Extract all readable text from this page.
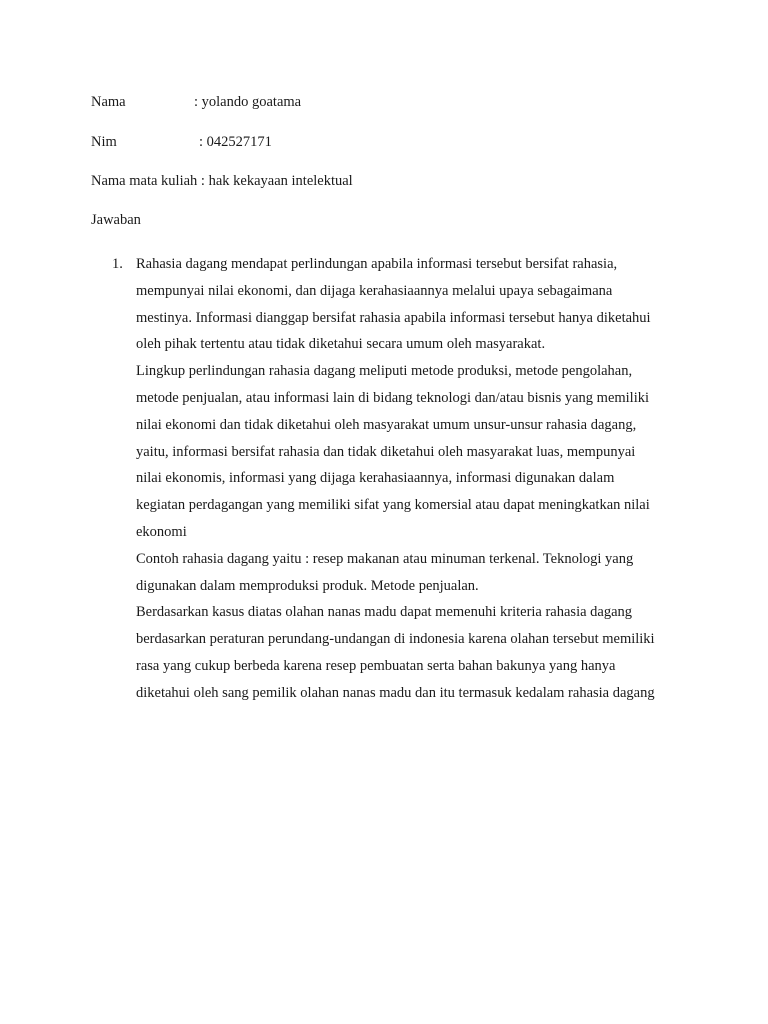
Nama	: yolando goatama
Nim	: 042527171
Nama mata kuliah : hak kekayaan intelektual
Jawaban
1. Rahasia dagang mendapat perlindungan apabila informasi tersebut bersifat rahasia,
mempunyai nilai ekonomi, dan dijaga kerahasiaannya melalui upaya sebagaimana
mestinya. Informasi dianggap bersifat rahasia apabila informasi tersebut hanya diketahui
oleh pihak tertentu atau tidak diketahui secara umum oleh masyarakat.

Lingkup perlindungan rahasia dagang meliputi metode produksi, metode pengolahan,
metode penjualan, atau informasi lain di bidang teknologi dan/atau bisnis yang memiliki
nilai ekonomi dan tidak diketahui oleh masyarakat umum unsur-unsur rahasia dagang,
yaitu, informasi bersifat rahasia dan tidak diketahui oleh masyarakat luas, mempunyai
nilai ekonomis, informasi yang dijaga kerahasiaannya, informasi digunakan dalam
kegiatan perdagangan yang memiliki sifat yang komersial atau dapat meningkatkan nilai
ekonomi

Contoh rahasia dagang yaitu : resep makanan atau minuman terkenal. Teknologi yang
digunakan dalam memproduksi produk. Metode penjualan.

Berdasarkan kasus diatas olahan nanas madu dapat memenuhi kriteria rahasia dagang
berdasarkan peraturan perundang-undangan di indonesia karena olahan tersebut memiliki
rasa yang cukup berbeda karena resep pembuatan serta bahan bakunya yang hanya
diketahui oleh sang pemilik olahan nanas madu dan itu termasuk kedalam rahasia dagang
